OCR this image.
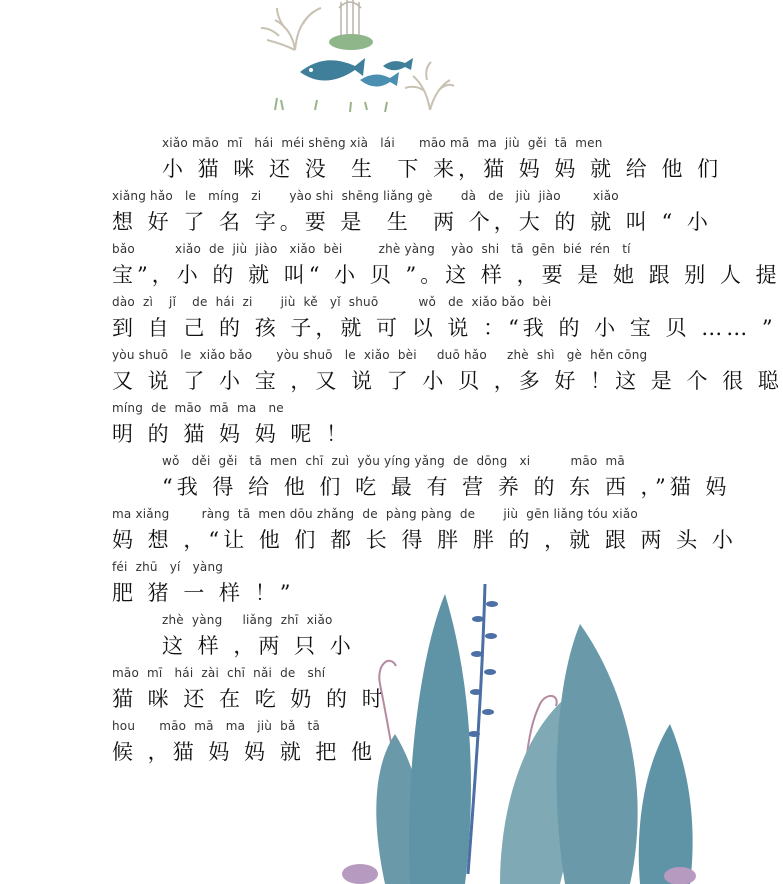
xiǎo māo  mī   hái  méi shēng xià   lái      māo mā  ma  jiù  gěi  tā  men
小 猫 咪 还 没  生  下 来，猫 妈 妈 就 给 他 们
xiǎng hǎo   le   míng   zi       yào shi  shēng liǎng gè       dà   de   jiù  jiào        xiǎo
想 好 了 名 字。要 是  生  两 个，大 的 就 叫 “ 小
bǎo          xiǎo  de  jiù  jiào   xiǎo  bèi         zhè yàng    yào  shi   tā  gēn  bié  rén   tí
宝”，小 的 就 叫“ 小 贝 ”。这 样 ，要 是 她 跟 别 人 提
dào  zì    jǐ    de  hái  zi       jiù  kě   yǐ  shuō          wǒ   de  xiǎo bǎo  bèi
到 自 己 的 孩 子，就 可 以 说 ：“我 的 小 宝 贝 …… ”
yòu shuō   le  xiǎo bǎo      yòu shuō   le  xiǎo  bèi     duō hǎo     zhè  shì   gè  hěn cōng
又 说 了 小 宝 ，又 说 了 小 贝 ，多 好 ！这 是 个 很 聪
míng  de  māo  mā  ma   ne
明 的 猫 妈 妈 呢 ！
wǒ   děi  gěi   tā  men  chī  zuì  yǒu yíng yǎng  de  dōng   xi          māo  mā
“我 得 给 他 们 吃 最 有 营 养 的 东 西 ，”猫 妈
ma xiǎng        ràng  tā  men dōu zhǎng  de  pàng pàng  de       jiù  gēn liǎng tóu xiǎo
妈 想 ，“让 他 们 都 长 得 胖 胖 的 ，就 跟 两 头 小
féi  zhū   yí   yàng
肥 猪 一 样 ！”
zhè  yàng     liǎng  zhī  xiǎo
这 样 ，两 只 小
māo  mī   hái  zài  chī  nǎi  de   shí
猫 咪 还 在 吃 奶 的 时
hou      māo  mā   ma   jiù  bǎ   tā
候 ，猫 妈 妈 就 把 他
